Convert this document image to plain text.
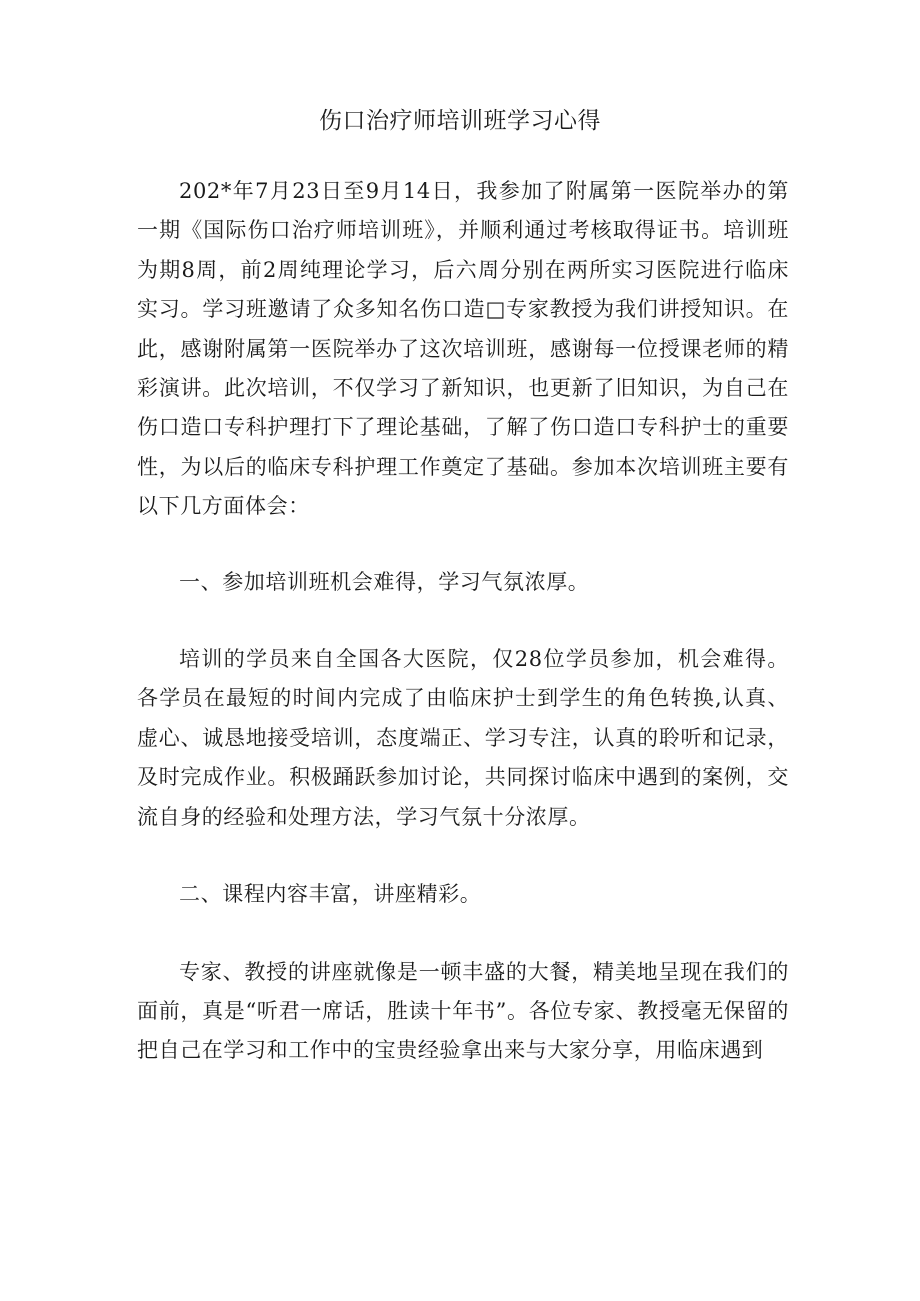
伤口治疗师培训班学习心得

202*年7月23日至9月14日，我参加了附属第一医院举办的第一期《国际伤口治疗师培训班》，并顺利通过考核取得证书。培训班为期8周，前2周纯理论学习，后六周分别在两所实习医院进行临床实习。学习班邀请了众多知名伤口造□专家教授为我们讲授知识。在此，感谢附属第一医院举办了这次培训班，感谢每一位授课老师的精彩演讲。此次培训，不仅学习了新知识，也更新了旧知识，为自己在伤口造口专科护理打下了理论基础，了解了伤口造口专科护士的重要性，为以后的临床专科护理工作奠定了基础。参加本次培训班主要有以下几方面体会：

一、参加培训班机会难得，学习气氛浓厚。

培训的学员来自全国各大医院，仅28位学员参加，机会难得。各学员在最短的时间内完成了由临床护士到学生的角色转换,认真、虚心、诚恳地接受培训，态度端正、学习专注，认真的聆听和记录，及时完成作业。积极踊跃参加讨论，共同探讨临床中遇到的案例，交流自身的经验和处理方法，学习气氛十分浓厚。

二、课程内容丰富，讲座精彩。

专家、教授的讲座就像是一顿丰盛的大餐，精美地呈现在我们的面前，真是“听君一席话，胜读十年书”。各位专家、教授毫无保留的把自己在学习和工作中的宝贵经验拿出来与大家分享，用临床遇到
